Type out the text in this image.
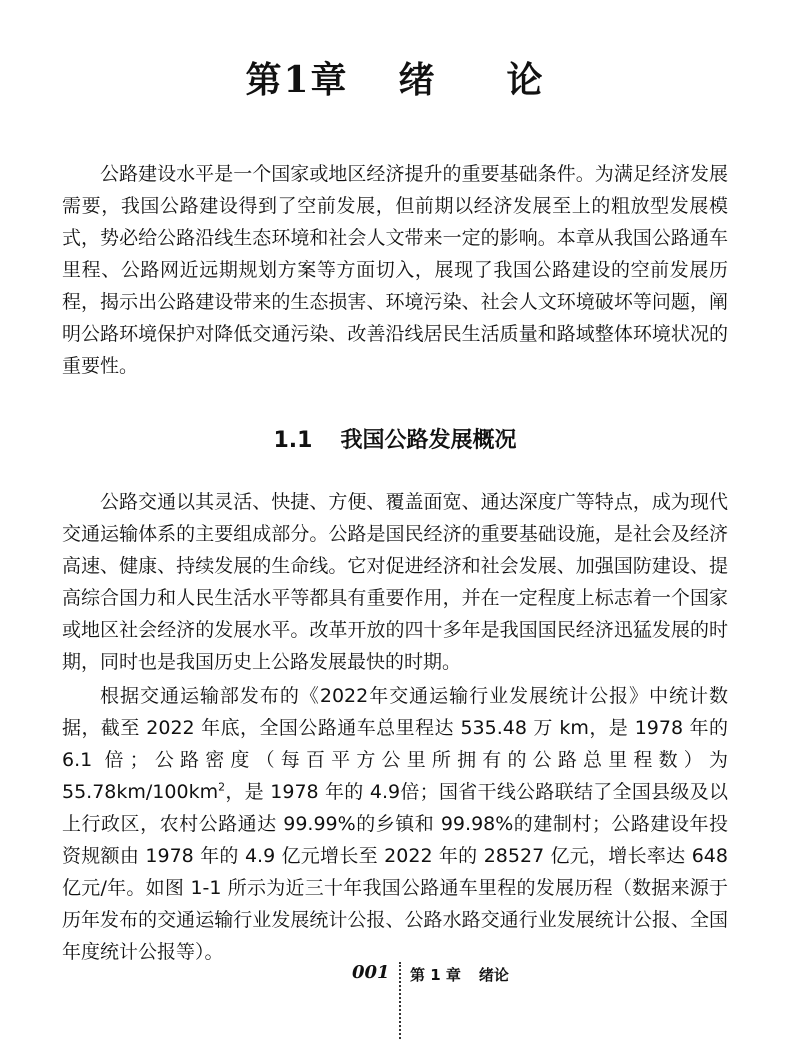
第1章 绪 论

公路建设水平是一个国家或地区经济提升的重要基础条件。为满足经济发展需要，我国公路建设得到了空前发展，但前期以经济发展至上的粗放型发展模式，势必给公路沿线生态环境和社会人文带来一定的影响。本章从我国公路通车里程、公路网近远期规划方案等方面切入，展现了我国公路建设的空前发展历程，揭示出公路建设带来的生态损害、环境污染、社会人文环境破坏等问题，阐明公路环境保护对降低交通污染、改善沿线居民生活质量和路域整体环境状况的重要性。

1.1 我国公路发展概况

公路交通以其灵活、快捷、方便、覆盖面宽、通达深度广等特点，成为现代交通运输体系的主要组成部分。公路是国民经济的重要基础设施，是社会及经济高速、健康、持续发展的生命线。它对促进经济和社会发展、加强国防建设、提高综合国力和人民生活水平等都具有重要作用，并在一定程度上标志着一个国家或地区社会经济的发展水平。改革开放的四十多年是我国国民经济迅猛发展的时期，同时也是我国历史上公路发展最快的时期。

根据交通运输部发布的《2022年交通运输行业发展统计公报》中统计数据，截至 2022 年底，全国公路通车总里程达 535.48 万 km，是 1978 年的 6.1 倍；公路密度（每百平方公里所拥有的公路总里程数）为 $55.78km/100km^2$，是 1978 年的 4.9倍；国省干线公路联结了全国县级及以上行政区，农村公路通达 99.99%的乡镇和 99.98%的建制村；公路建设年投资规额由 1978 年的 4.9 亿元增长至 2022 年的 28527 亿元，增长率达 648 亿元/年。如图 1-1 所示为近三十年我国公路通车里程的发展历程（数据来源于历年发布的交通运输行业发展统计公报、公路水路交通行业发展统计公报、全国年度统计公报等）。

001 第 1 章 绪论
